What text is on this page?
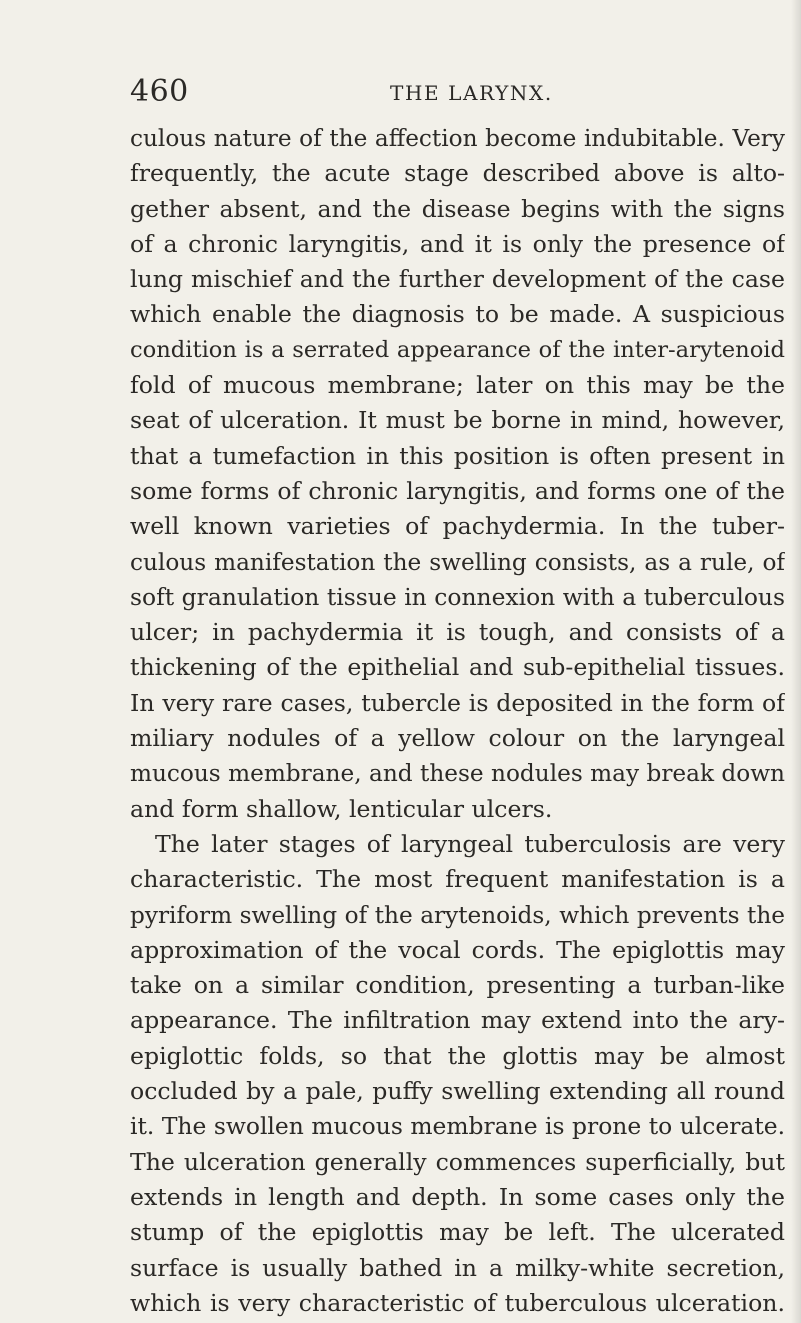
460	THE LARYNX.
culous nature of the affection become indubitable. Very
frequently, the acute stage described above is alto-
gether absent, and the disease begins with the signs
of a chronic laryngitis, and it is only the presence of
lung mischief and the further development of the case
which enable the diagnosis to be made. A suspicious
condition is a serrated appearance of the inter-arytenoid
fold of mucous membrane; later on this may be the
seat of ulceration. It must be borne in mind, however,
that a tumefaction in this position is often present in
some forms of chronic laryngitis, and forms one of the
well known varieties of pachydermia. In the tuber-
culous manifestation the swelling consists, as a rule, of
soft granulation tissue in connexion with a tuberculous
ulcer; in pachydermia it is tough, and consists of a
thickening of the epithelial and sub-epithelial tissues.
In very rare cases, tubercle is deposited in the form of
miliary nodules of a yellow colour on the laryngeal
mucous membrane, and these nodules may break down
and form shallow, lenticular ulcers.
The later stages of laryngeal tuberculosis are very
characteristic. The most frequent manifestation is a
pyriform swelling of the arytenoids, which prevents the
approximation of the vocal cords. The epiglottis may
take on a similar condition, presenting a turban-like
appearance. The infiltration may extend into the ary-
epiglottic folds, so that the glottis may be almost
occluded by a pale, puffy swelling extending all round
it. The swollen mucous membrane is prone to ulcerate.
The ulceration generally commences superficially, but
extends in length and depth. In some cases only the
stump of the epiglottis may be left. The ulcerated
surface is usually bathed in a milky-white secretion,
which is very characteristic of tuberculous ulceration.
